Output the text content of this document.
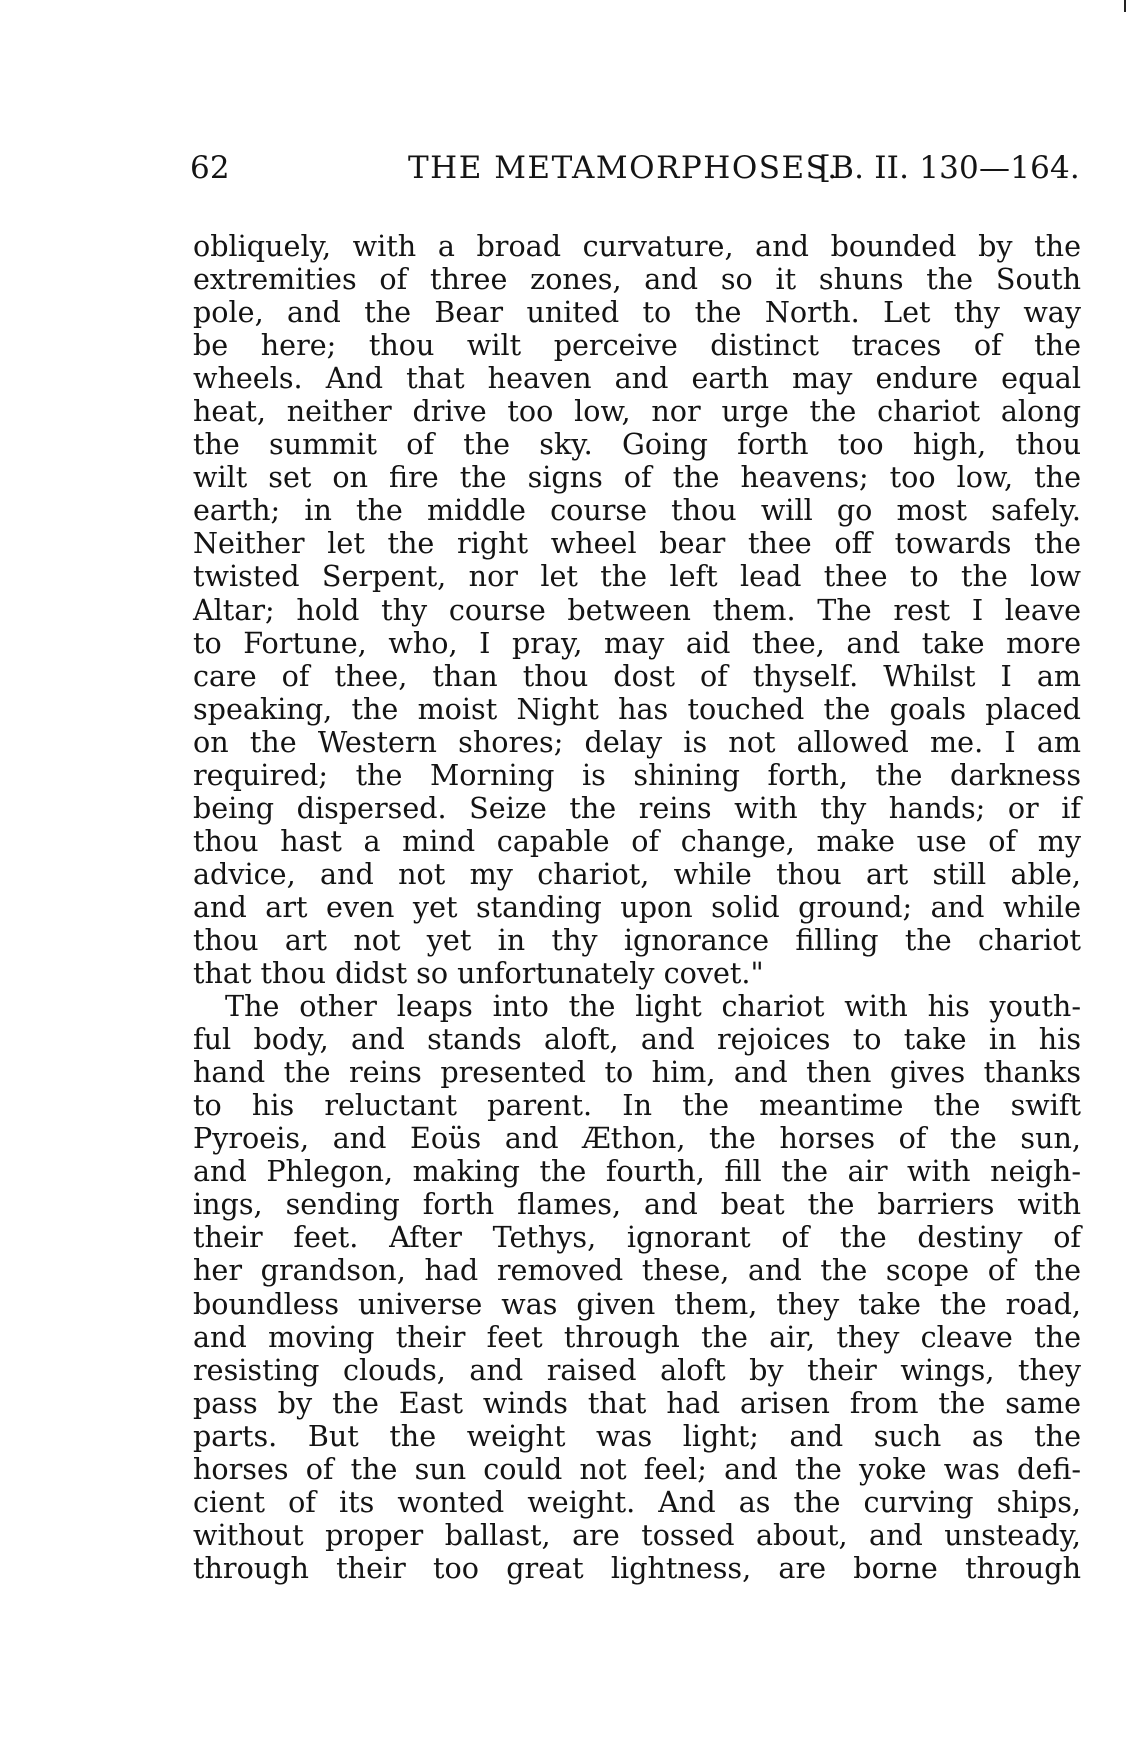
62	THE METAMORPHOSES.
[B. II. 130—164.
obliquely, with a broad curvature, and bounded by the
extremities of three zones, and so it shuns the South
pole, and the Bear united to the North. Let thy way
be here; thou wilt perceive distinct traces of the
wheels. And that heaven and earth may endure equal
heat, neither drive too low, nor urge the chariot along
the summit of the sky. Going forth too high, thou
wilt set on fire the signs of the heavens; too low, the
earth; in the middle course thou will go most safely.
Neither let the right wheel bear thee off towards the
twisted Serpent, nor let the left lead thee to the low
Altar; hold thy course between them. The rest I leave
to Fortune, who, I pray, may aid thee, and take more
care of thee, than thou dost of thyself. Whilst I am
speaking, the moist Night has touched the goals placed
on the Western shores; delay is not allowed me. I am
required; the Morning is shining forth, the darkness
being dispersed. Seize the reins with thy hands; or if
thou hast a mind capable of change, make use of my
advice, and not my chariot, while thou art still able,
and art even yet standing upon solid ground; and while
thou art not yet in thy ignorance filling the chariot
that thou didst so unfortunately covet."
The other leaps into the light chariot with his youth-
ful body, and stands aloft, and rejoices to take in his
hand the reins presented to him, and then gives thanks
to his reluctant parent. In the meantime the swift
Pyroeis, and Eoüs and Æthon, the horses of the sun,
and Phlegon, making the fourth, fill the air with neigh-
ings, sending forth flames, and beat the barriers with
their feet. After Tethys, ignorant of the destiny of
her grandson, had removed these, and the scope of the
boundless universe was given them, they take the road,
and moving their feet through the air, they cleave the
resisting clouds, and raised aloft by their wings, they
pass by the East winds that had arisen from the same
parts. But the weight was light; and such as the
horses of the sun could not feel; and the yoke was defi-
cient of its wonted weight. And as the curving ships,
without proper ballast, are tossed about, and unsteady,
through their too great lightness, are borne through
